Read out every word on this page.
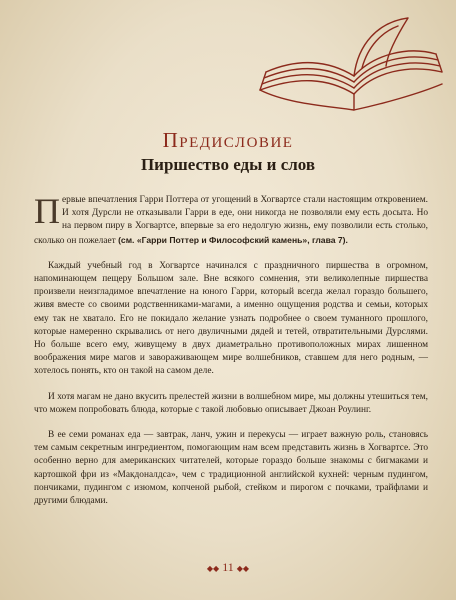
Предисловие
Пиршество еды и слов

Первые впечатления Гарри Поттера от угощений в Хогвартсе стали настоящим откровением. И хотя Дурсли не отказывали Гарри в еде, они никогда не позволяли ему есть досыта. Но на первом пиру в Хогвартсе, впервые за его недолгую жизнь, ему позволили есть столько, сколько он пожелает (см. «Гарри Поттер и Философский камень», глава 7).

Каждый учебный год в Хогвартсе начинался с праздничного пиршества в огромном, напоминающем пещеру Большом зале. Вне всякого сомнения, эти великолепные пиршества произвели неизгладимое впечатление на юного Гарри, который всегда желал гораздо большего, живя вместе со своими родственниками-магами, а именно ощущения родства и семьи, которых ему так не хватало. Его не покидало желание узнать подробнее о своем туманного прошлого, которые намеренно скрывались от него двуличными дядей и тетей, отвратительными Дурслями. Но больше всего ему, живущему в двух диаметрально противоположных мирах лишенном воображения мире магов и завораживающем мире волшебников, ставшем для него родным, — хотелось понять, кто он такой на самом деле.

И хотя магам не дано вкусить прелестей жизни в волшебном мире, мы должны утешиться тем, что можем попробовать блюда, которые с такой любовью описывает Джоан Роулинг.

В ее семи романах еда — завтрак, ланч, ужин и перекусы — играет важную роль, становясь тем самым секретным ингредиентом, помогающим нам всем представить жизнь в Хогвартсе. Это особенно верно для американских читателей, которые гораздо больше знакомы с бигмаками и картошкой фри из «Макдоналдса», чем с традиционной английской кухней: черным пудингом, пончиками, пудингом с изюмом, копченой рыбой, стейком и пирогом с почками, трайфлами и другими блюдами.

◆◆ 11 ◆◆
